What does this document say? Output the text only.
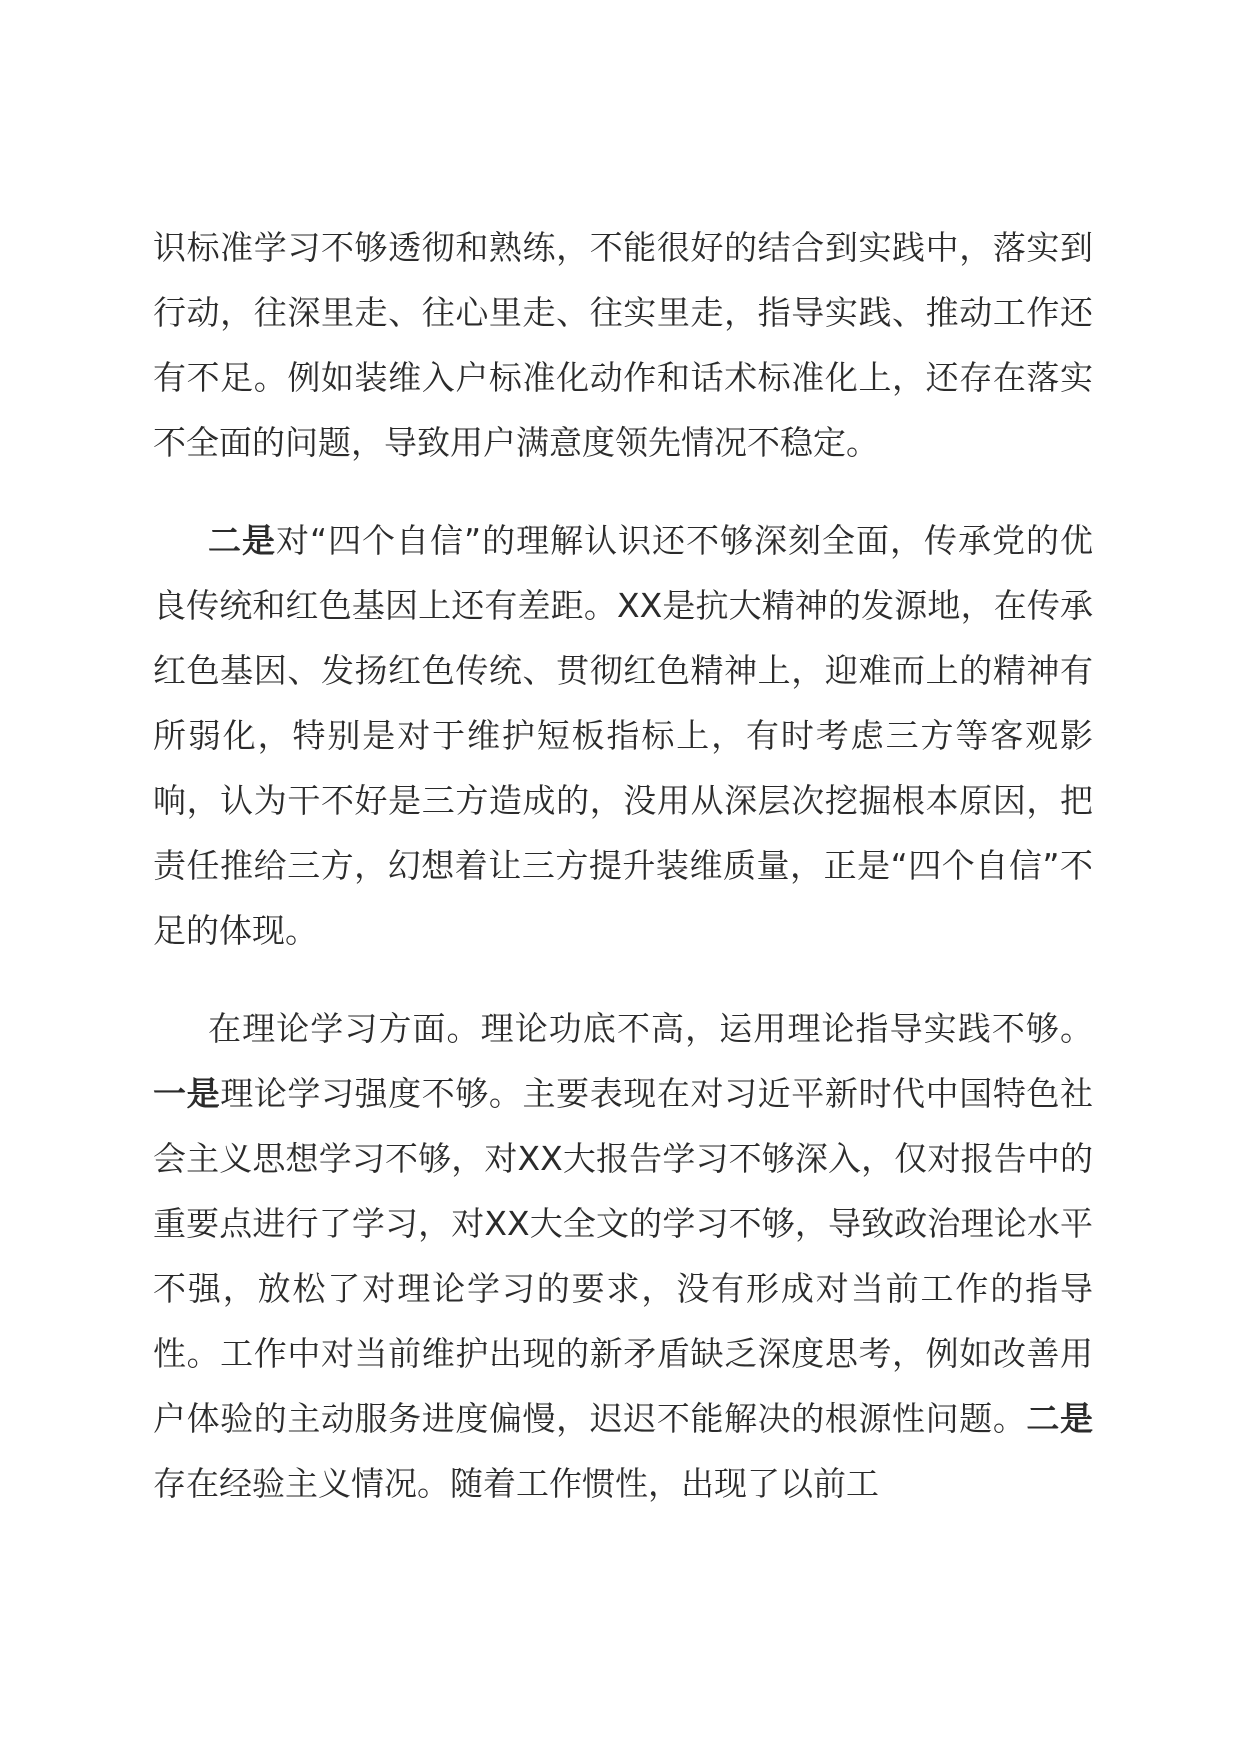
识标准学习不够透彻和熟练，不能很好的结合到实践中，落实到行动，往深里走、往心里走、往实里走，指导实践、推动工作还有不足。例如装维入户标准化动作和话术标准化上，还存在落实不全面的问题，导致用户满意度领先情况不稳定。

二是对“四个自信”的理解认识还不够深刻全面，传承党的优良传统和红色基因上还有差距。XX是抗大精神的发源地，在传承红色基因、发扬红色传统、贯彻红色精神上，迎难而上的精神有所弱化，特别是对于维护短板指标上，有时考虑三方等客观影响，认为干不好是三方造成的，没用从深层次挖掘根本原因，把责任推给三方，幻想着让三方提升装维质量，正是“四个自信”不足的体现。

在理论学习方面。理论功底不高，运用理论指导实践不够。一是理论学习强度不够。主要表现在对习近平新时代中国特色社会主义思想学习不够，对XX大报告学习不够深入，仅对报告中的重要点进行了学习，对XX大全文的学习不够，导致政治理论水平不强，放松了对理论学习的要求，没有形成对当前工作的指导性。工作中对当前维护出现的新矛盾缺乏深度思考，例如改善用户体验的主动服务进度偏慢，迟迟不能解决的根源性问题。二是存在经验主义情况。随着工作惯性，出现了以前工
